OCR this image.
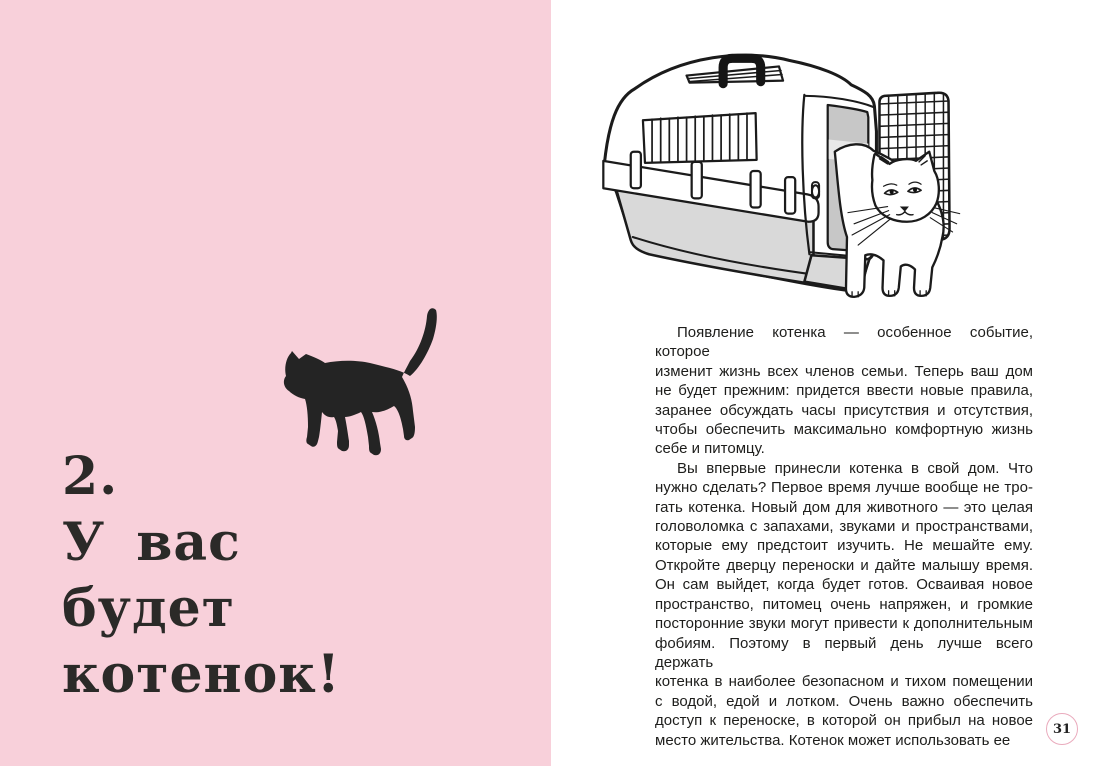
2.
У вас
будет
котенок!
Появление котенка — особенное событие, которое
изменит жизнь всех членов семьи. Теперь ваш дом
не будет прежним: придется ввести новые правила,
заранее обсуждать часы присутствия и отсутствия,
чтобы обеспечить максимально комфортную жизнь
себе и питомцу.
Вы впервые принесли котенка в свой дом. Что
нужно сделать? Первое время лучше вообще не тро-
гать котенка. Новый дом для животного — это целая
головоломка с запахами, звуками и пространствами,
которые ему предстоит изучить. Не мешайте ему.
Откройте дверцу переноски и дайте малышу время.
Он сам выйдет, когда будет готов. Осваивая новое
пространство, питомец очень напряжен, и громкие
посторонние звуки могут привести к дополнительным
фобиям. Поэтому в первый день лучше всего держать
котенка в наиболее безопасном и тихом помещении
с водой, едой и лотком. Очень важно обеспечить
доступ к переноске, в которой он прибыл на новое
место жительства. Котенок может использовать ее
31
